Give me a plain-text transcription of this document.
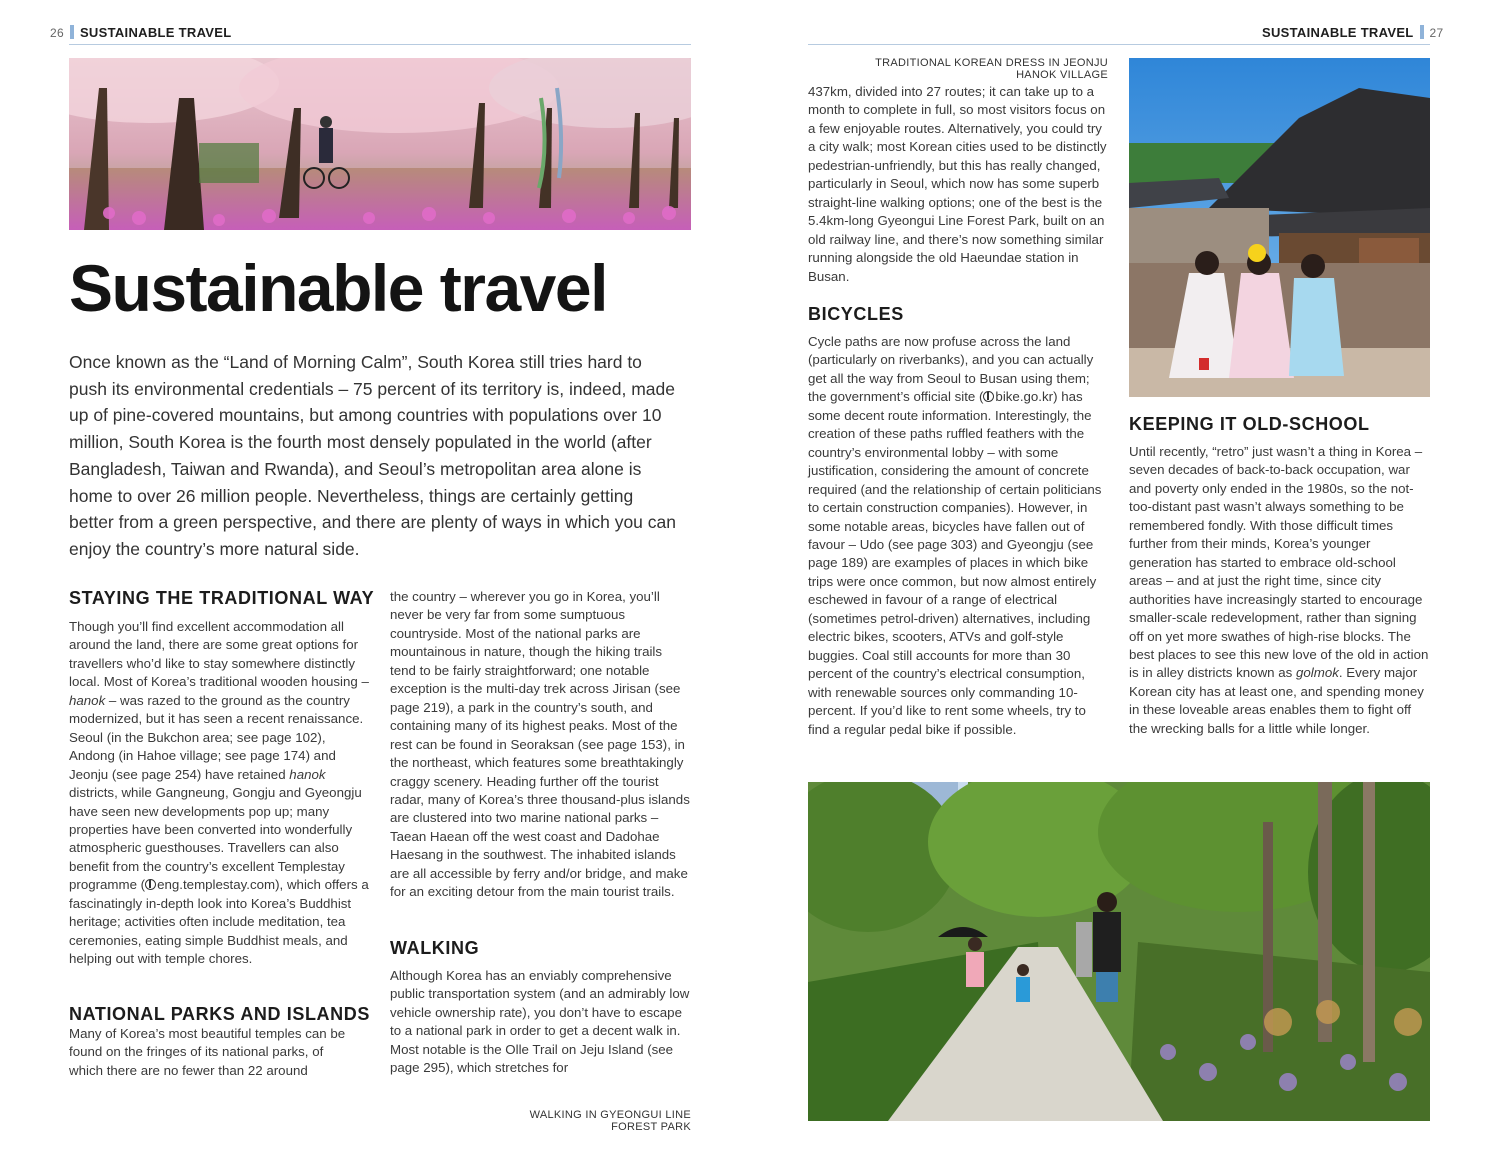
26 SUSTAINABLE TRAVEL
Sustainable travel
Once known as the “Land of Morning Calm”, South Korea still tries hard to push its environmental credentials – 75 percent of its territory is, indeed, made up of pine-covered mountains, but among countries with populations over 10 million, South Korea is the fourth most densely populated in the world (after Bangladesh, Taiwan and Rwanda), and Seoul’s metropolitan area alone is home to over 26 million people. Nevertheless, things are certainly getting better from a green perspective, and there are plenty of ways in which you can enjoy the country’s more natural side.
STAYING THE TRADITIONAL WAY
Though you’ll find excellent accommodation all around the land, there are some great options for travellers who’d like to stay somewhere distinctly local. Most of Korea’s traditional wooden housing – hanok – was razed to the ground as the country modernized, but it has seen a recent renaissance. Seoul (in the Bukchon area; see page 102), Andong (in Hahoe village; see page 174) and Jeonju (see page 254) have retained hanok districts, while Gangneung, Gongju and Gyeongju have seen new developments pop up; many properties have been converted into wonderfully atmospheric guesthouses. Travellers can also benefit from the country’s excellent Templestay programme ( eng.templestay.com), which offers a fascinatingly in-depth look into Korea’s Buddhist heritage; activities often include meditation, tea ceremonies, eating simple Buddhist meals, and helping out with temple chores.
NATIONAL PARKS AND ISLANDS
Many of Korea’s most beautiful temples can be found on the fringes of its national parks, of which there are no fewer than 22 around
the country – wherever you go in Korea, you’ll never be very far from some sumptuous countryside. Most of the national parks are mountainous in nature, though the hiking trails tend to be fairly straightforward; one notable exception is the multi-day trek across Jirisan (see page 219), a park in the country’s south, and containing many of its highest peaks. Most of the rest can be found in Seoraksan (see page 153), in the northeast, which features some breathtakingly craggy scenery. Heading further off the tourist radar, many of Korea’s three thousand-plus islands are clustered into two marine national parks – Taean Haean off the west coast and Dadohae Haesang in the southwest. The inhabited islands are all accessible by ferry and/or bridge, and make for an exciting detour from the main tourist trails.
WALKING
Although Korea has an enviably comprehensive public transportation system (and an admirably low vehicle ownership rate), you don’t have to escape to a national park in order to get a decent walk in. Most notable is the Olle Trail on Jeju Island (see page 295), which stretches for
WALKING IN GYEONGUI LINE FOREST PARK
SUSTAINABLE TRAVEL 27
TRADITIONAL KOREAN DRESS IN JEONJU HANOK VILLAGE
437km, divided into 27 routes; it can take up to a month to complete in full, so most visitors focus on a few enjoyable routes. Alternatively, you could try a city walk; most Korean cities used to be distinctly pedestrian-unfriendly, but this has really changed, particularly in Seoul, which now has some superb straight-line walking options; one of the best is the 5.4km-long Gyeongui Line Forest Park, built on an old railway line, and there’s now something similar running alongside the old Haeundae station in Busan.
BICYCLES
Cycle paths are now profuse across the land (particularly on riverbanks), and you can actually get all the way from Seoul to Busan using them; the government’s official site ( bike.go.kr) has some decent route information. Interestingly, the creation of these paths ruffled feathers with the country’s environmental lobby – with some justification, considering the amount of concrete required (and the relationship of certain politicians to certain construction companies). However, in some notable areas, bicycles have fallen out of favour – Udo (see page 303) and Gyeongju (see page 189) are examples of places in which bike trips were once common, but now almost entirely eschewed in favour of a range of electrical (sometimes petrol-driven) alternatives, including electric bikes, scooters, ATVs and golf-style buggies. Coal still accounts for more than 30 percent of the country’s electrical consumption, with renewable sources only commanding 10-percent. If you’d like to rent some wheels, try to find a regular pedal bike if possible.
KEEPING IT OLD-SCHOOL
Until recently, “retro” just wasn’t a thing in Korea – seven decades of back-to-back occupation, war and poverty only ended in the 1980s, so the not-too-distant past wasn’t always something to be remembered fondly. With those difficult times further from their minds, Korea’s younger generation has started to embrace old-school areas – and at just the right time, since city authorities have increasingly started to encourage smaller-scale redevelopment, rather than signing off on yet more swathes of high-rise blocks. The best places to see this new love of the old in action is in alley districts known as golmok. Every major Korean city has at least one, and spending money in these loveable areas enables them to fight off the wrecking balls for a little while longer.
